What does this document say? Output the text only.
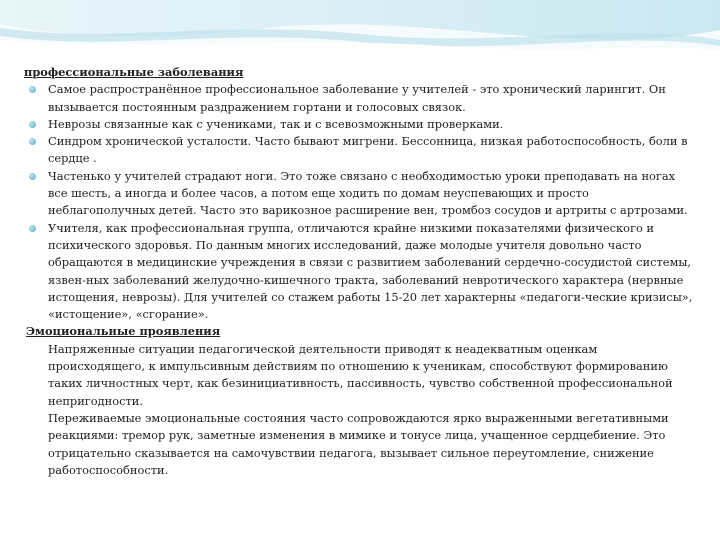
профессиональные заболевания

Самое распространённое профессиональное заболевание у учителей - это хронический ларингит. Он вызывается постоянным раздражением гортани и голосовых связок.
Неврозы связанные как с учениками, так и с всевозможными проверками.
Синдром хронической усталости. Часто бывают мигрени. Бессонница, низкая работоспособность, боли в сердце .
Частенько у учителей страдают ноги. Это тоже связано с необходимостью уроки преподавать на ногах все шесть, а иногда и более часов, а потом еще ходить по домам неуспевающих и просто неблагополучных детей. Часто это варикозное расширение вен, тромбоз сосудов и артриты с артрозами.
Учителя, как профессиональная группа, отличаются крайне низкими показателями физического и психического здоровья. По данным многих исследований, даже молодые учителя довольно часто обращаются в медицинские учреждения в связи с развитием заболеваний сердечно-сосудистой системы, язвен-ных заболеваний желудочно-кишечного тракта, заболеваний невротического характера (нервные истощения, неврозы). Для учителей со стажем работы 15-20 лет характерны «педагоги-ческие кризисы», «истощение», «сгорание».

Эмоциональные проявления

Напряженные ситуации педагогической деятельности приводят к неадекватным оценкам происходящего, к импульсивным действиям по отношению к ученикам, способствуют формированию таких личностных черт, как безинициативность, пассивность, чувство собственной профессиональной непригодности.

Переживаемые эмоциональные состояния часто сопровождаются ярко выраженными вегетативными реакциями: тремор рук, заметные изменения в мимике и тонусе лица, учащенное сердцебиение. Это отрицательно сказывается на самочувствии педагога, вызывает сильное переутомление, снижение работоспособности.
